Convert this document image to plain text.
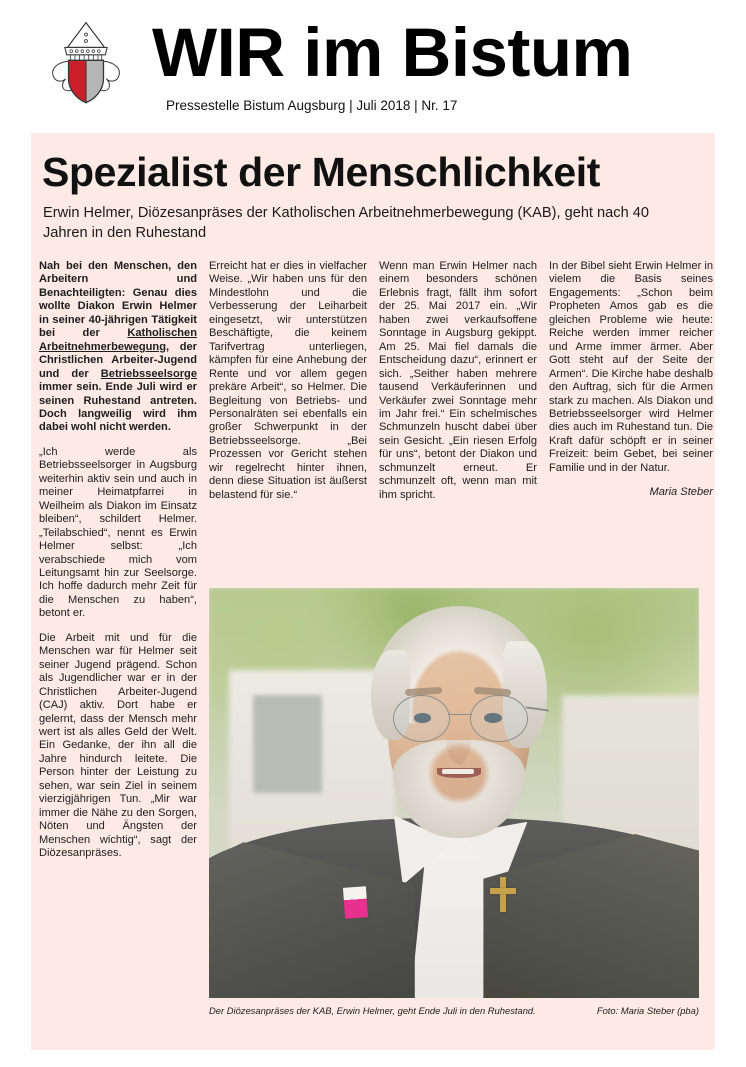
WIR im Bistum
Pressestelle Bistum Augsburg | Juli 2018 | Nr. 17
Spezialist der Menschlichkeit
Erwin Helmer, Diözesanpräses der Katholischen Arbeitnehmerbewegung (KAB), geht nach 40 Jahren in den Ruhestand

Nah bei den Menschen, den Arbeitern und Benachteiligten: Genau dies wollte Diakon Erwin Helmer in seiner 40-jährigen Tätigkeit bei der Katholischen Arbeitnehmerbewegung, der Christlichen Arbeiter-Jugend und der Betriebsseelsorge immer sein. Ende Juli wird er seinen Ruhestand antreten. Doch langweilig wird ihm dabei wohl nicht werden.

„Ich werde als Betriebsseelsorger in Augsburg weiterhin aktiv sein und auch in meiner Heimatpfarrei in Weilheim als Diakon im Einsatz bleiben“, schildert Helmer. „Teilabschied“, nennt es Erwin Helmer selbst: „Ich verabschiede mich vom Leitungsamt hin zur Seelsorge. Ich hoffe dadurch mehr Zeit für die Menschen zu haben“, betont er.

Die Arbeit mit und für die Menschen war für Helmer seit seiner Jugend prägend. Schon als Jugendlicher war er in der Christlichen Arbeiter-Jugend (CAJ) aktiv. Dort habe er gelernt, dass der Mensch mehr wert ist als alles Geld der Welt. Ein Gedanke, der ihn all die Jahre hindurch leitete. Die Person hinter der Leistung zu sehen, war sein Ziel in seinem vierzigjährigen Tun. „Mir war immer die Nähe zu den Sorgen, Nöten und Ängsten der Menschen wichtig“, sagt der Diözesanpräses.

Erreicht hat er dies in vielfacher Weise. „Wir haben uns für den Mindestlohn und die Verbesserung der Leiharbeit eingesetzt, wir unterstützen Beschäftigte, die keinem Tarifvertrag unterliegen, kämpfen für eine Anhebung der Rente und vor allem gegen prekäre Arbeit“, so Helmer. Die Begleitung von Betriebs- und Personalräten sei ebenfalls ein großer Schwerpunkt in der Betriebsseelsorge. „Bei Prozessen vor Gericht stehen wir regelrecht hinter ihnen, denn diese Situation ist äußerst belastend für sie.“

Wenn man Erwin Helmer nach einem besonders schönen Erlebnis fragt, fällt ihm sofort der 25. Mai 2017 ein. „Wir haben zwei verkaufsoffene Sonntage in Augsburg gekippt. Am 25. Mai fiel damals die Entscheidung dazu“, erinnert er sich. „Seither haben mehrere tausend Verkäuferinnen und Verkäufer zwei Sonntage mehr im Jahr frei.“ Ein schelmisches Schmunzeln huscht dabei über sein Gesicht. „Ein riesen Erfolg für uns“, betont der Diakon und schmunzelt erneut. Er schmunzelt oft, wenn man mit ihm spricht.

In der Bibel sieht Erwin Helmer in vielem die Basis seines Engagements: „Schon beim Propheten Amos gab es die gleichen Probleme wie heute: Reiche werden immer reicher und Arme immer ärmer. Aber Gott steht auf der Seite der Armen“. Die Kirche habe deshalb den Auftrag, sich für die Armen stark zu machen. Als Diakon und Betriebsseelsorger wird Helmer dies auch im Ruhestand tun. Die Kraft dafür schöpft er in seiner Freizeit: beim Gebet, bei seiner Familie und in der Natur.

Maria Steber

Der Diözesanpräses der KAB, Erwin Helmer, geht Ende Juli in den Ruhestand.	Foto: Maria Steber (pba)
